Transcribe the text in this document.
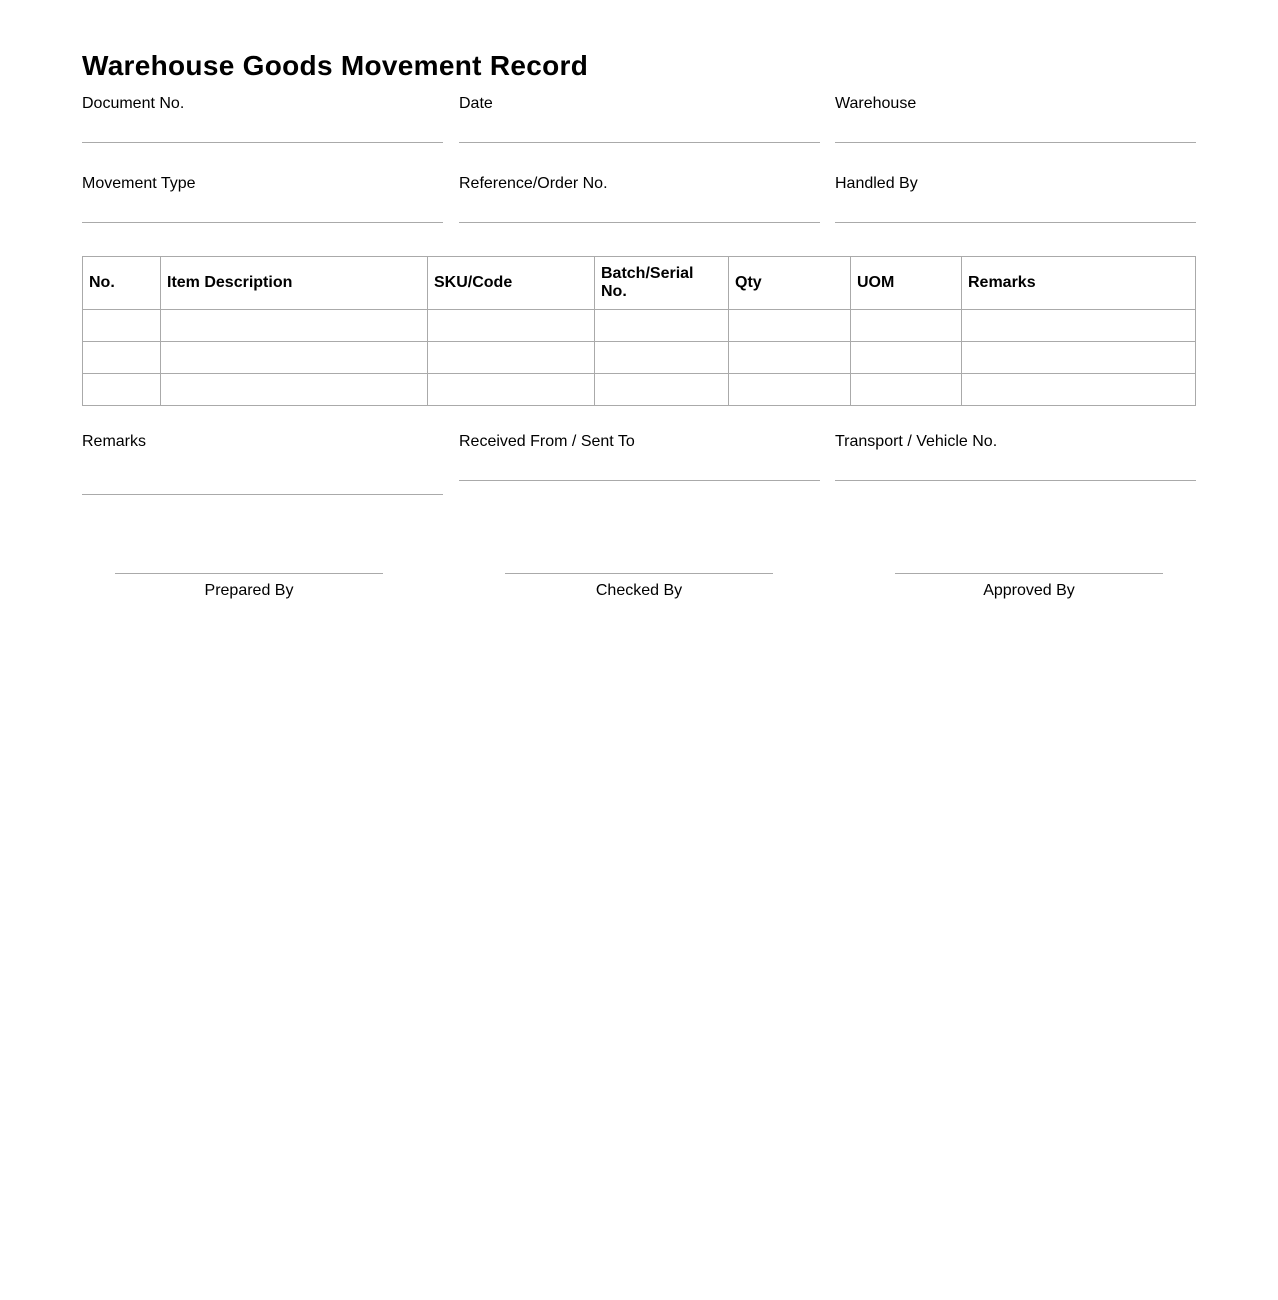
Warehouse Goods Movement Record
Document No.	Date	Warehouse
Movement Type	Reference/Order No.	Handled By
No.	Item Description	SKU/Code	Batch/Serial No.	Qty	UOM	Remarks

Remarks	Received From / Sent To	Transport / Vehicle No.
Prepared By	Checked By	Approved By
